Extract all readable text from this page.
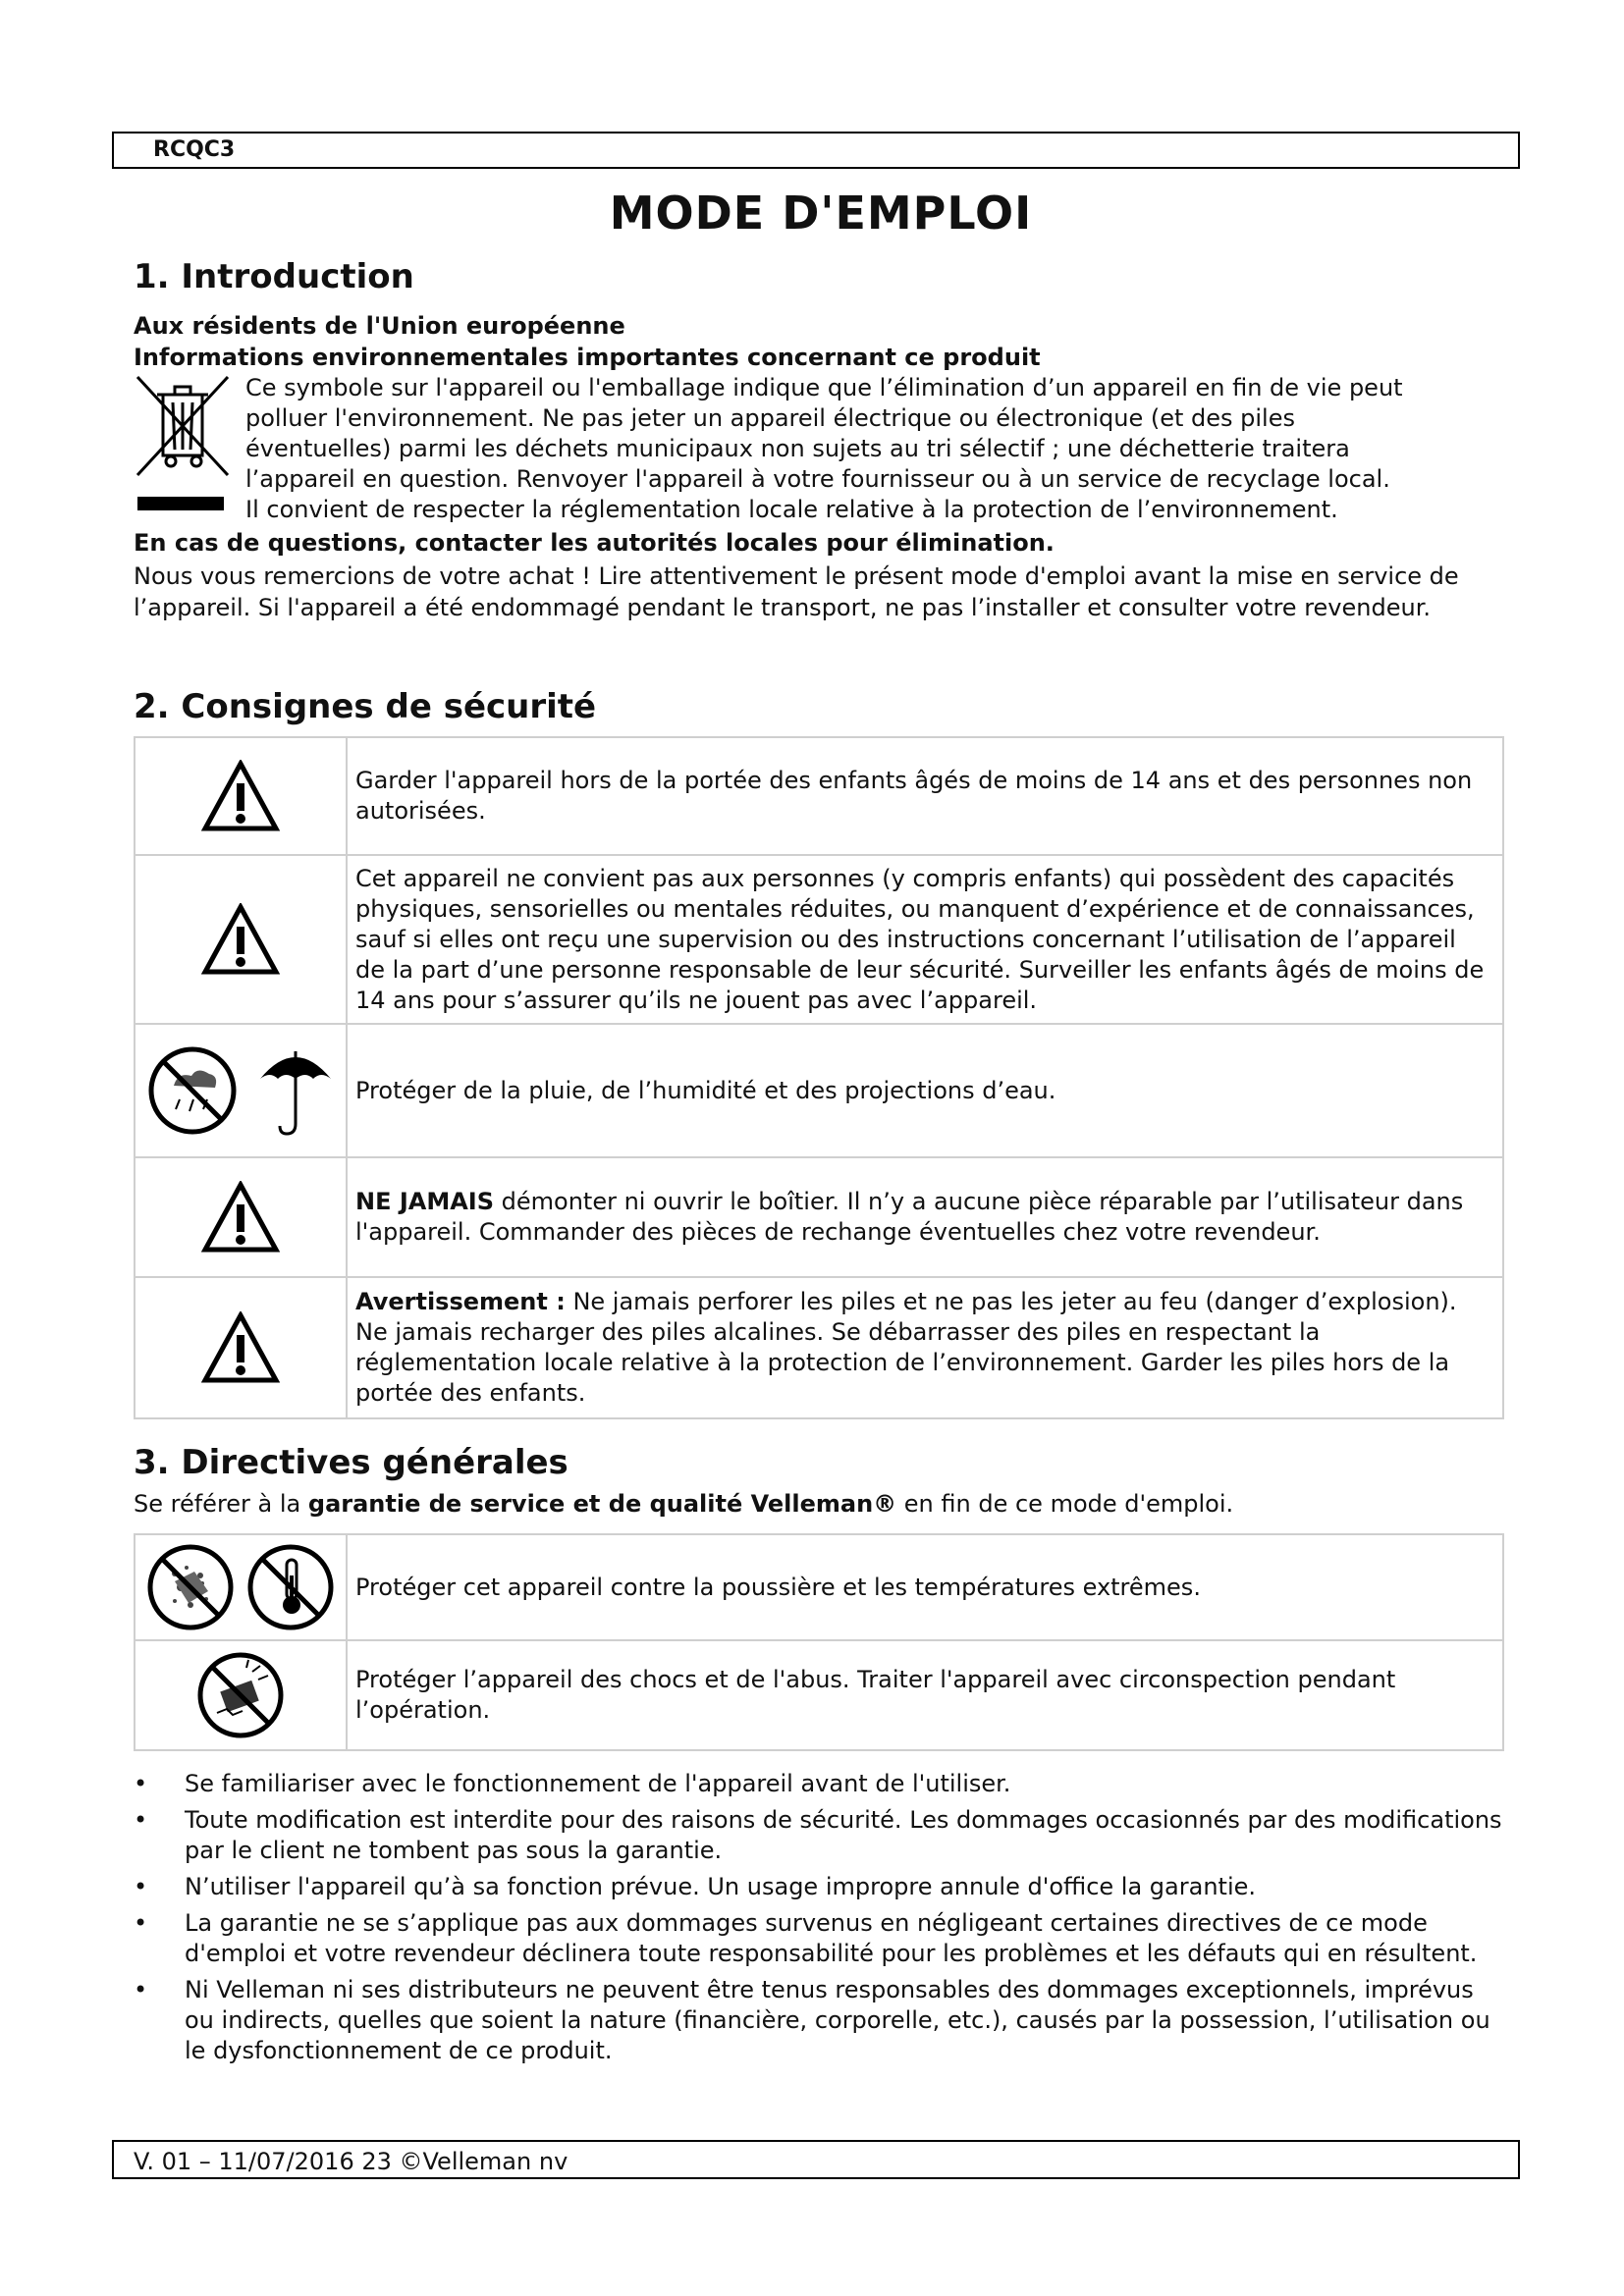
RCQC3
MODE D'EMPLOI
1. Introduction
Aux résidents de l'Union européenne
Informations environnementales importantes concernant ce produit
Ce symbole sur l'appareil ou l'emballage indique que l’élimination d’un appareil en fin de vie peut
polluer l'environnement. Ne pas jeter un appareil électrique ou électronique (et des piles
éventuelles) parmi les déchets municipaux non sujets au tri sélectif ; une déchetterie traitera
l’appareil en question. Renvoyer l'appareil à votre fournisseur ou à un service de recyclage local.
Il convient de respecter la réglementation locale relative à la protection de l’environnement.
En cas de questions, contacter les autorités locales pour élimination.

Nous vous remercions de votre achat ! Lire attentivement le présent mode d'emploi avant la mise en service de l’appareil. Si l'appareil a été endommagé pendant le transport, ne pas l’installer et consulter votre revendeur.

2. Consignes de sécurité
	Garder l'appareil hors de la portée des enfants âgés de moins de 14 ans et des personnes non autorisées.
	Cet appareil ne convient pas aux personnes (y compris enfants) qui possèdent des capacités physiques, sensorielles ou mentales réduites, ou manquent d’expérience et de connaissances, sauf si elles ont reçu une supervision ou des instructions concernant l’utilisation de l’appareil de la part d’une personne responsable de leur sécurité. Surveiller les enfants âgés de moins de 14 ans pour s’assurer qu’ils ne jouent pas avec l’appareil.
	Protéger de la pluie, de l’humidité et des projections d’eau.
	NE JAMAIS démonter ni ouvrir le boîtier. Il n’y a aucune pièce réparable par l’utilisateur dans l'appareil. Commander des pièces de rechange éventuelles chez votre revendeur.
	Avertissement : Ne jamais perforer les piles et ne pas les jeter au feu (danger d’explosion). Ne jamais recharger des piles alcalines. Se débarrasser des piles en respectant la réglementation locale relative à la protection de l’environnement. Garder les piles hors de la portée des enfants.
3. Directives générales

Se référer à la garantie de service et de qualité Velleman® en fin de ce mode d'emploi.

	Protéger cet appareil contre la poussière et les températures extrêmes.
	Protéger l’appareil des chocs et de l'abus. Traiter l'appareil avec circonspection pendant l’opération.
• Se familiariser avec le fonctionnement de l'appareil avant de l'utiliser.
• Toute modification est interdite pour des raisons de sécurité. Les dommages occasionnés par des modifications par le client ne tombent pas sous la garantie.
• N’utiliser l'appareil qu’à sa fonction prévue. Un usage impropre annule d'office la garantie.
• La garantie ne se s’applique pas aux dommages survenus en négligeant certaines directives de ce mode d'emploi et votre revendeur déclinera toute responsabilité pour les problèmes et les défauts qui en résultent.
• Ni Velleman ni ses distributeurs ne peuvent être tenus responsables des dommages exceptionnels, imprévus ou indirects, quelles que soient la nature (financière, corporelle, etc.), causés par la possession, l’utilisation ou le dysfonctionnement de ce produit.
V. 01 – 11/07/2016 23 ©Velleman nv
